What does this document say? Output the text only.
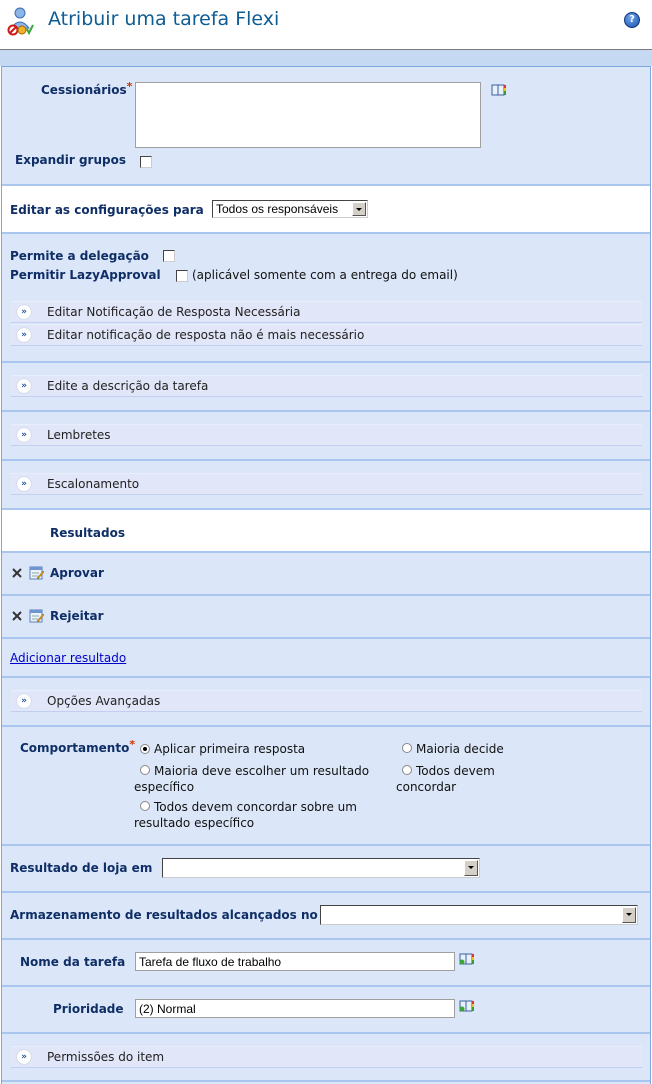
Atribuir uma tarefa Flexi	?
Cessionários*
Expandir grupos
Editar as configurações para Todos os responsáveis
Permite a delegação
Permitir LazyApproval	(aplicável somente com a entrega do email)
»	Editar Notificação de Resposta Necessária
»	Editar notificação de resposta não é mais necessário
»	Edite a descrição da tarefa
»	Lembretes
»	Escalonamento
Resultados
Aprovar
Rejeitar
Adicionar resultado
»	Opções Avançadas
Comportamento* Aplicar primeira resposta	Maioria decide
Maioria deve escolher um resultado específico
Todos devem concordar
Todos devem concordar sobre um resultado específico
Resultado de loja em
Armazenamento de resultados alcançados no
Nome da tarefa	Tarefa de fluxo de trabalho
Prioridade	(2) Normal
»	Permissões do item
